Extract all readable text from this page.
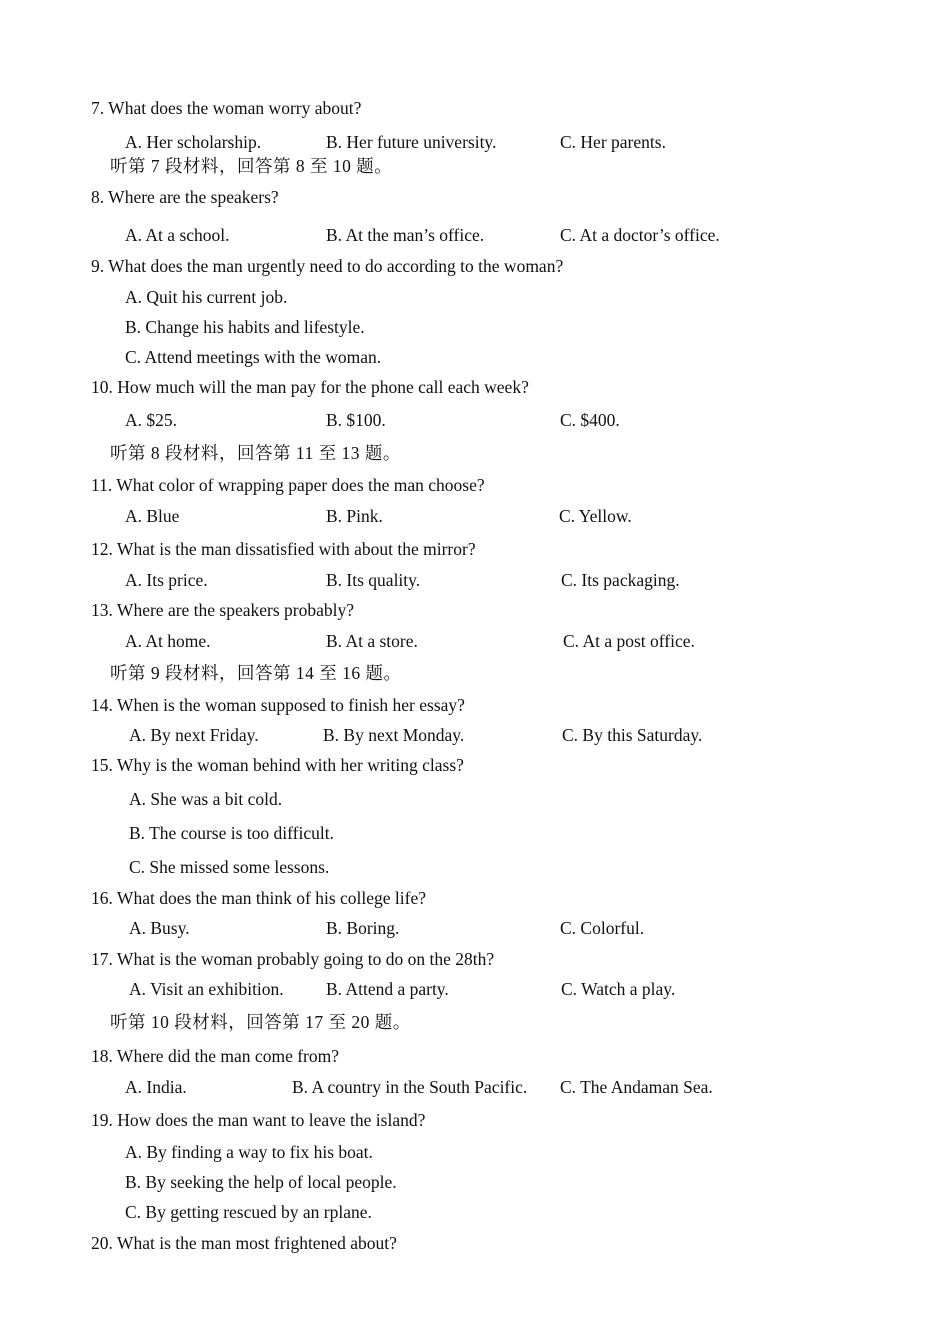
7. What does the woman worry about?
A. Her scholarship.	B. Her future university.	C. Her parents.
听第 7 段材料，回答第 8 至 10 题。
8. Where are the speakers?
A. At a school.	B. At the man’s office.	C. At a doctor’s office.
9. What does the man urgently need to do according to the woman?
A. Quit his current job.
B. Change his habits and lifestyle.
C. Attend meetings with the woman.
10. How much will the man pay for the phone call each week?
A. $25.	B. $100.	C. $400.
听第 8 段材料，回答第 11 至 13 题。
11. What color of wrapping paper does the man choose?
A. Blue	B. Pink.	C. Yellow.
12. What is the man dissatisfied with about the mirror?
A. Its price.	B. Its quality.	C. Its packaging.
13. Where are the speakers probably?
A. At home.	B. At a store.	C. At a post office.
听第 9 段材料，回答第 14 至 16 题。
14. When is the woman supposed to finish her essay?
A. By next Friday.	B. By next Monday.	C. By this Saturday.
15. Why is the woman behind with her writing class?
A. She was a bit cold.
B. The course is too difficult.
C. She missed some lessons.
16. What does the man think of his college life?
A. Busy.	B. Boring.	C. Colorful.
17. What is the woman probably going to do on the 28th?
A. Visit an exhibition. B. Attend a party.	C. Watch a play.
听第 10 段材料，回答第 17 至 20 题。
18. Where did the man come from?
A. India.	B. A country in the South Pacific. C. The Andaman Sea.
19. How does the man want to leave the island?
A. By finding a way to fix his boat.
B. By seeking the help of local people.
C. By getting rescued by an rplane.
20. What is the man most frightened about?
